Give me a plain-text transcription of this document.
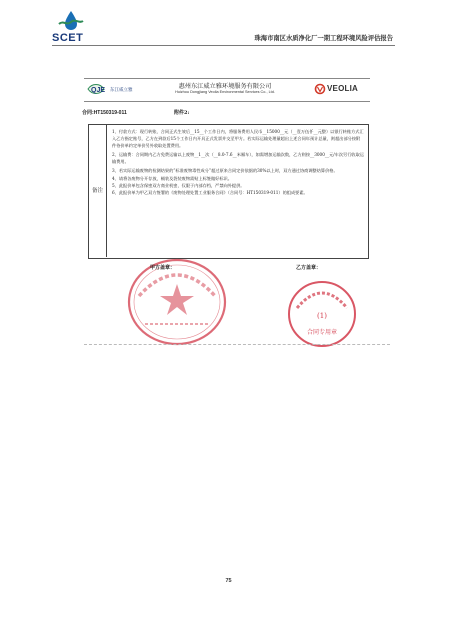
SCET	珠海市南区水质净化厂一期工程环境风险评估报告
QJE 东江威立雅
惠州东江威立雅环境服务有限公司
Huizhou Dongjiang Veolia Environmental Services Co., Ltd.	VEOLIA
合同:HT150319-011	附件2:
备注

1、付款方式：现行转账、合同正式生效后__15__个工作日内，将服务费用人民币__15000__元（__壹万伍仟__元整）以银行转账方式汇入乙方指定账号，乙方在到款后15个工作日内开具正式发票并交至甲方。若实际运输处理量超出上述合同年预计总量，则超出部分按附件待价单约定单价另外收取处置费用。

2、运输费：合同期内乙方免费运输以上废物__1__次（__8.0-7.6__米厢车），如需增加运输次数，乙方则按__3000__元/车次另行收取运输费用。

3、若实际运输废物的检测结果的“标准废物毒性成分”超过原来合同定价依据的30%以上时，双方通过协商调整结算价格。

4、请将各废物分开存放，桶装及袋装废物需贴上标签做好标识。

5、此报价单包含保密双方商业机密，仅限于内部存档，严禁向外提供。

6、此报价单为甲乙双方签署的《废物处理处置工业服务合同》（合同号：HT150319-011）的组成要素。

甲方盖章：	乙方盖章：
(1)
合同专用章
75
